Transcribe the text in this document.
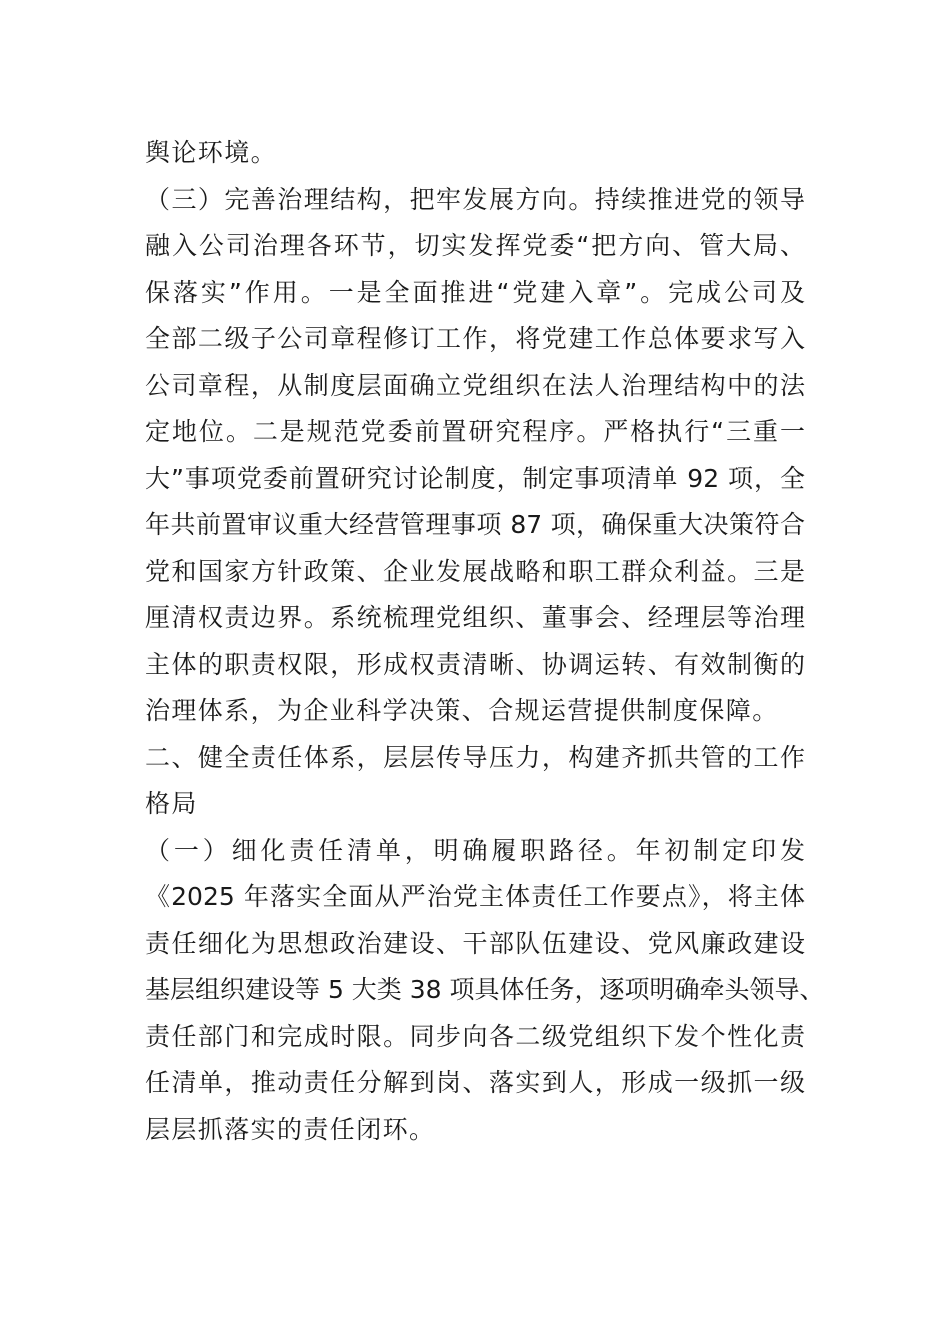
舆论环境。
（三）完善治理结构，把牢发展方向。持续推进党的领导
融入公司治理各环节，切实发挥党委“把方向、管大局、
保落实”作用。一是全面推进“党建入章”。完成公司及
全部二级子公司章程修订工作，将党建工作总体要求写入
公司章程，从制度层面确立党组织在法人治理结构中的法
定地位。二是规范党委前置研究程序。严格执行“三重一
大”事项党委前置研究讨论制度，制定事项清单 92 项，全
年共前置审议重大经营管理事项 87 项，确保重大决策符合
党和国家方针政策、企业发展战略和职工群众利益。三是
厘清权责边界。系统梳理党组织、董事会、经理层等治理
主体的职责权限，形成权责清晰、协调运转、有效制衡的
治理体系，为企业科学决策、合规运营提供制度保障。
二、健全责任体系，层层传导压力，构建齐抓共管的工作
格局
（一）细化责任清单，明确履职路径。年初制定印发
《2025 年落实全面从严治党主体责任工作要点》，将主体
责任细化为思想政治建设、干部队伍建设、党风廉政建设
基层组织建设等 5 大类 38 项具体任务，逐项明确牵头领导、
责任部门和完成时限。同步向各二级党组织下发个性化责
任清单，推动责任分解到岗、落实到人，形成一级抓一级
层层抓落实的责任闭环。
